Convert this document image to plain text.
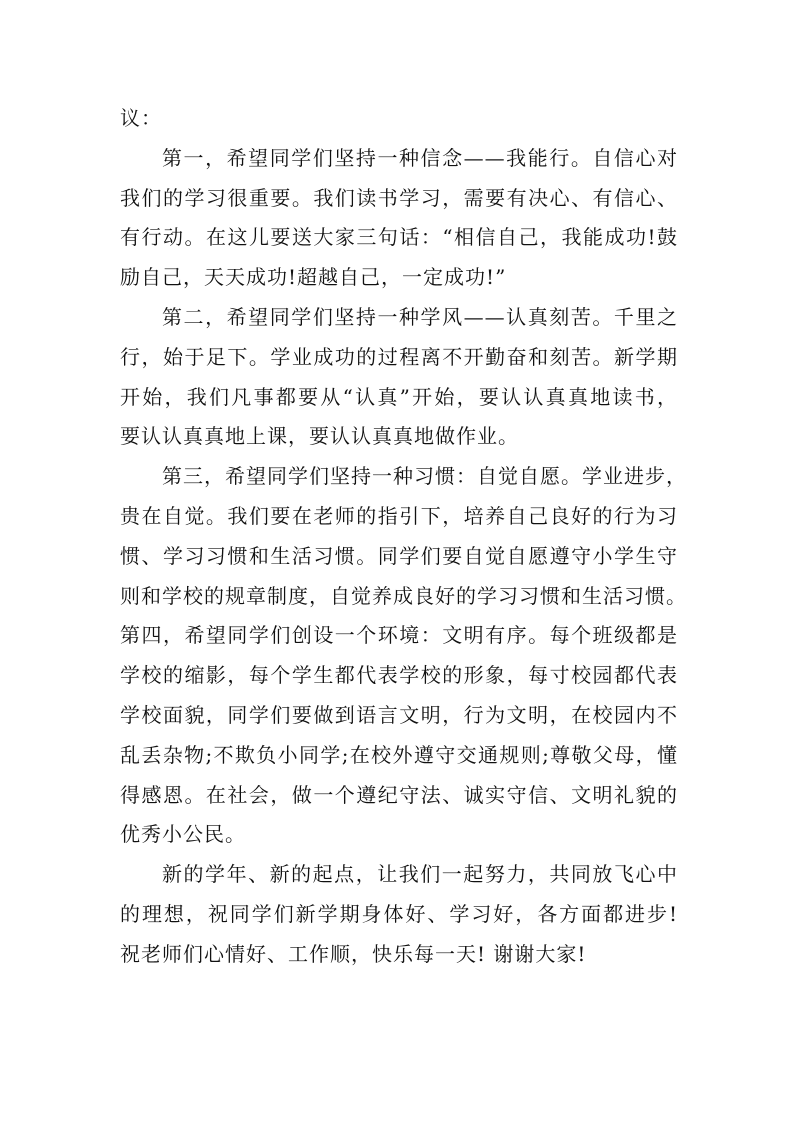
议：
第一，希望同学们坚持一种信念——我能行。自信心对
我们的学习很重要。我们读书学习，需要有决心、有信心、
有行动。在这儿要送大家三句话：“相信自己，我能成功!鼓
励自己，天天成功!超越自己，一定成功!”
第二，希望同学们坚持一种学风——认真刻苦。千里之
行，始于足下。学业成功的过程离不开勤奋和刻苦。新学期
开始，我们凡事都要从“认真”开始，要认认真真地读书，
要认认真真地上课，要认认真真地做作业。
第三，希望同学们坚持一种习惯：自觉自愿。学业进步，
贵在自觉。我们要在老师的指引下，培养自己良好的行为习
惯、学习习惯和生活习惯。同学们要自觉自愿遵守小学生守
则和学校的规章制度，自觉养成良好的学习习惯和生活习惯。
第四，希望同学们创设一个环境：文明有序。每个班级都是
学校的缩影，每个学生都代表学校的形象，每寸校园都代表
学校面貌，同学们要做到语言文明，行为文明，在校园内不
乱丢杂物;不欺负小同学;在校外遵守交通规则;尊敬父母，懂
得感恩。在社会，做一个遵纪守法、诚实守信、文明礼貌的
优秀小公民。
新的学年、新的起点，让我们一起努力，共同放飞心中
的理想，祝同学们新学期身体好、学习好，各方面都进步!
祝老师们心情好、工作顺，快乐每一天! 谢谢大家!
